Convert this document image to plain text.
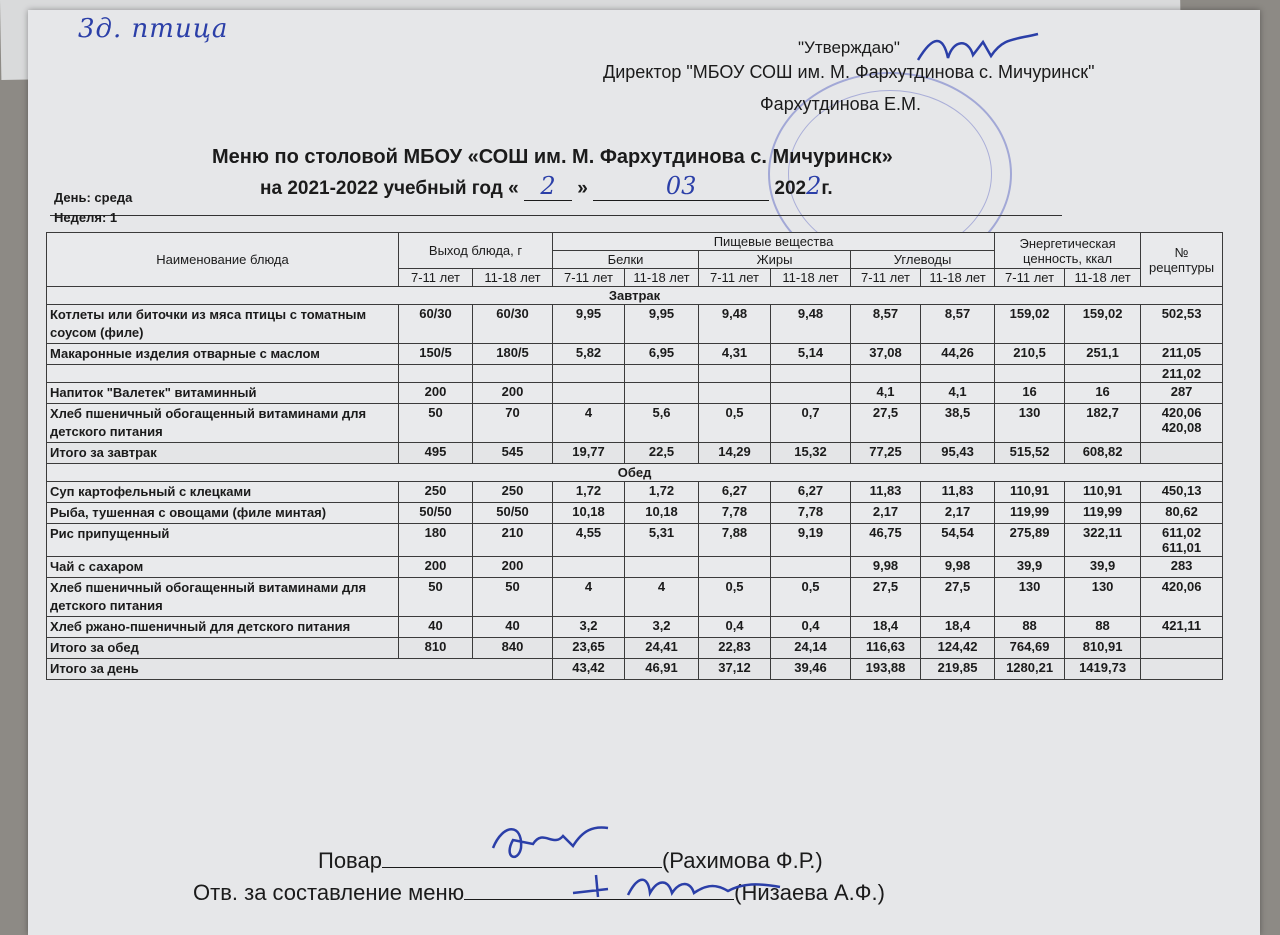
3д. птица
"Утверждаю"
Директор "МБОУ СОШ им. М. Фархутдинова с. Мичуринск"
Фархутдинова Е.М.
Меню по столовой МБОУ «СОШ им. М. Фархутдинова с. Мичуринск»
на 2021-2022 учебный год « 2 »	03	2022г.
День: среда
Неделя: 1
Наименование блюда	Выход блюда, г		Пищевые вещества						Энергетическая ценность, ккал		№ рецептуры
			Белки		Жиры		Углеводы				
	7-11 лет	11-18 лет	7-11 лет	11-18 лет	7-11 лет	11-18 лет	7-11 лет	11-18 лет	7-11 лет	11-18 лет	
Завтрак											
Котлеты или биточки из мяса птицы с томатным соусом (филе)	60/30	60/30	9,95	9,95	9,48	9,48	8,57	8,57	159,02	159,02	502,53
Макаронные изделия отварные с маслом	150/5	180/5	5,82	6,95	4,31	5,14	37,08	44,26	210,5	251,1	211,05
											211,02
Напиток "Валетек" витаминный	200	200					4,1	4,1	16	16	287
Хлеб пшеничный обогащенный витаминами для детского питания	50	70	4	5,6	0,5	0,7	27,5	38,5	130	182,7	420,06 420,08
Итого за завтрак	495	545	19,77	22,5	14,29	15,32	77,25	95,43	515,52	608,82	
Обед											
Суп картофельный с клецками	250	250	1,72	1,72	6,27	6,27	11,83	11,83	110,91	110,91	450,13
Рыба, тушенная с овощами (филе минтая)	50/50	50/50	10,18	10,18	7,78	7,78	2,17	2,17	119,99	119,99	80,62
Рис припущенный	180	210	4,55	5,31	7,88	9,19	46,75	54,54	275,89	322,11	611,02 611,01
Чай с сахаром	200	200					9,98	9,98	39,9	39,9	283
Хлеб пшеничный обогащенный витаминами для детского питания	50	50	4	4	0,5	0,5	27,5	27,5	130	130	420,06
Хлеб ржано-пшеничный для детского питания	40	40	3,2	3,2	0,4	0,4	18,4	18,4	88	88	421,11
Итого за обед	810	840	23,65	24,41	22,83	24,14	116,63	124,42	764,69	810,91	
Итого за день			43,42	46,91	37,12	39,46	193,88	219,85	1280,21	1419,73	
Повар	(Рахимова Ф.Р.)
Отв. за составление меню	(Низаева А.Ф.)
